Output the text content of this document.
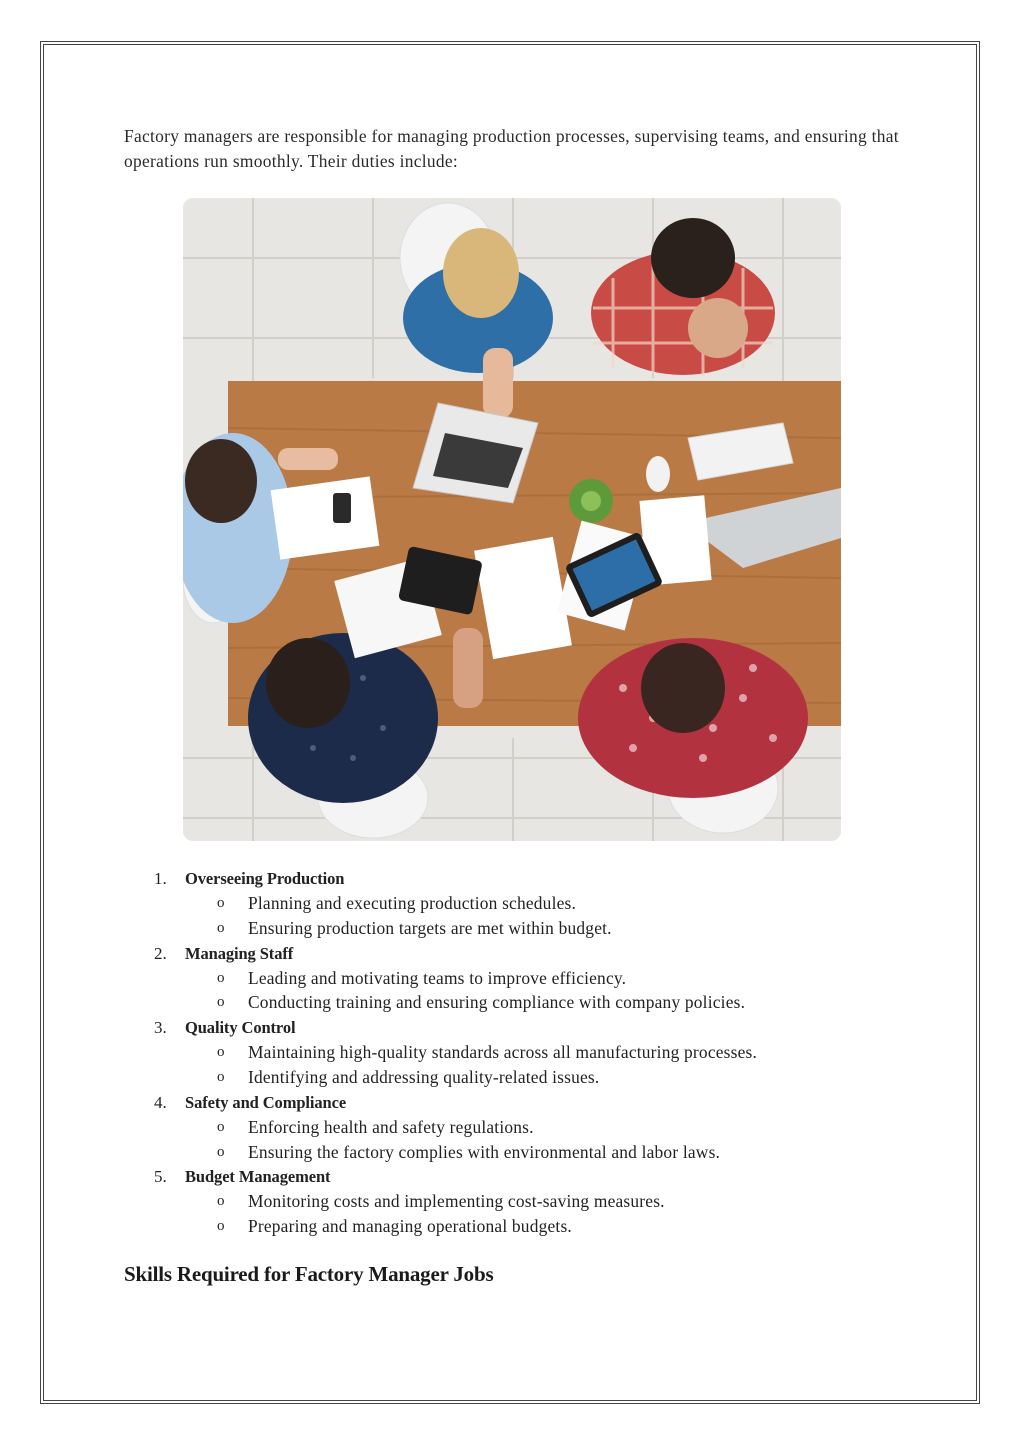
Factory managers are responsible for managing production processes, supervising teams, and ensuring that operations run smoothly. Their duties include:

1.	Overseeing Production
o Planning and executing production schedules.
o Ensuring production targets are met within budget.
2.	Managing Staff
o Leading and motivating teams to improve efficiency.
o Conducting training and ensuring compliance with company policies.
3.	Quality Control
o Maintaining high-quality standards across all manufacturing processes.
o Identifying and addressing quality-related issues.
4.	Safety and Compliance
o Enforcing health and safety regulations.
o Ensuring the factory complies with environmental and labor laws.
5.	Budget Management
o Monitoring costs and implementing cost-saving measures.
o Preparing and managing operational budgets.
Skills Required for Factory Manager Jobs
